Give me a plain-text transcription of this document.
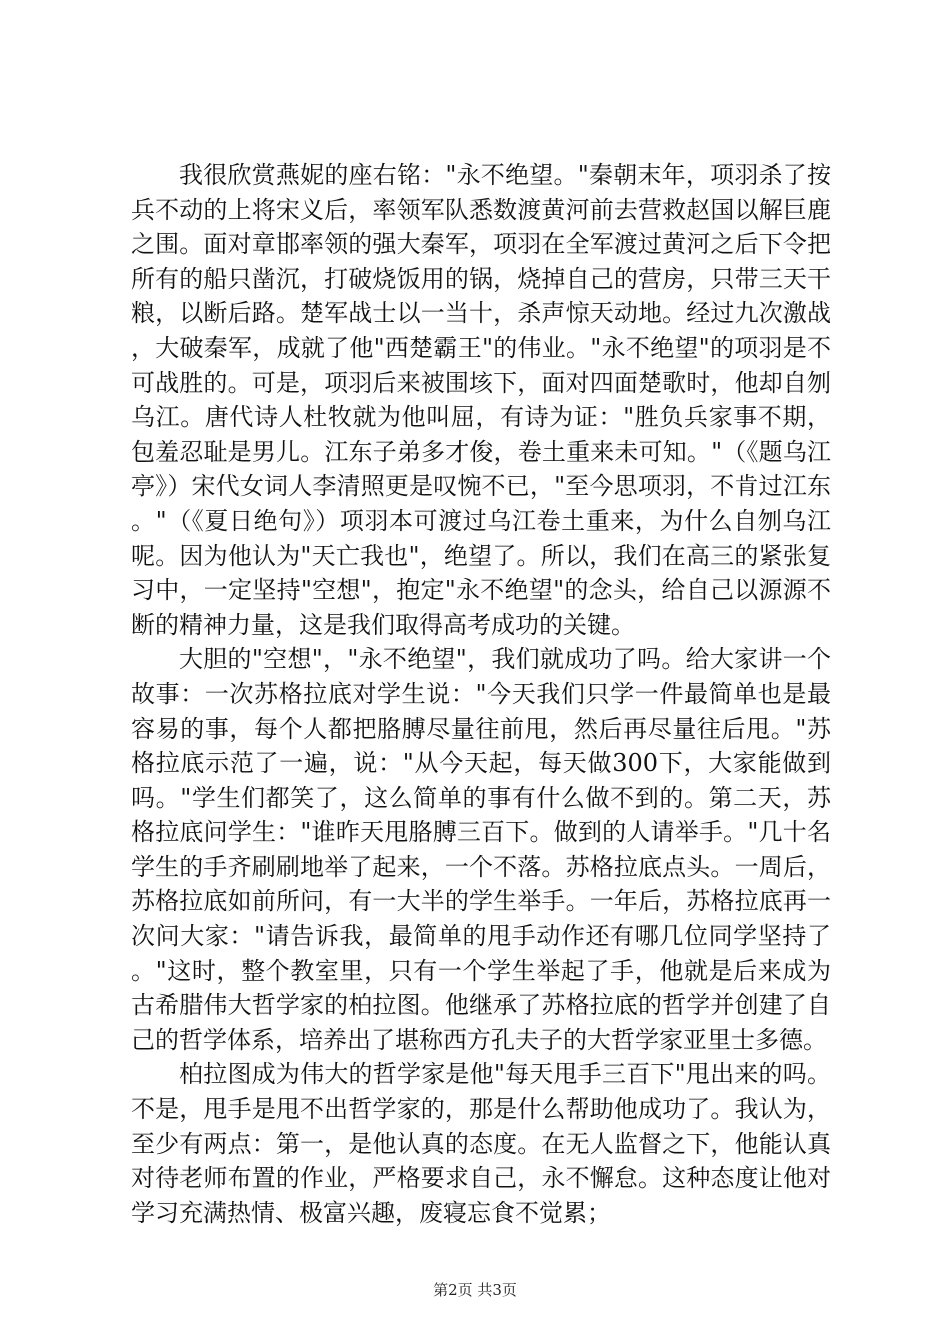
我很欣赏燕妮的座右铭："永不绝望。"秦朝末年，项羽杀了按兵不动的上将宋义后，率领军队悉数渡黄河前去营救赵国以解巨鹿之围。面对章邯率领的强大秦军，项羽在全军渡过黄河之后下令把所有的船只凿沉，打破烧饭用的锅，烧掉自己的营房，只带三天干粮，以断后路。楚军战士以一当十，杀声惊天动地。经过九次激战，大破秦军，成就了他"西楚霸王"的伟业。"永不绝望"的项羽是不可战胜的。可是，项羽后来被围垓下，面对四面楚歌时，他却自刎乌江。唐代诗人杜牧就为他叫屈，有诗为证："胜负兵家事不期，包羞忍耻是男儿。江东子弟多才俊，卷土重来未可知。"（《题乌江亭》）宋代女词人李清照更是叹惋不已，"至今思项羽，不肯过江东。"（《夏日绝句》）项羽本可渡过乌江卷土重来，为什么自刎乌江呢。因为他认为"天亡我也"，绝望了。所以，我们在高三的紧张复习中，一定坚持"空想"，抱定"永不绝望"的念头，给自己以源源不断的精神力量，这是我们取得高考成功的关键。

大胆的"空想"，"永不绝望"，我们就成功了吗。给大家讲一个故事：一次苏格拉底对学生说："今天我们只学一件最简单也是最容易的事，每个人都把胳膊尽量往前甩，然后再尽量往后甩。"苏格拉底示范了一遍，说："从今天起，每天做300下，大家能做到吗。"学生们都笑了，这么简单的事有什么做不到的。第二天，苏格拉底问学生："谁昨天甩胳膊三百下。做到的人请举手。"几十名学生的手齐刷刷地举了起来，一个不落。苏格拉底点头。一周后，苏格拉底如前所问，有一大半的学生举手。一年后，苏格拉底再一次问大家："请告诉我，最简单的甩手动作还有哪几位同学坚持了。"这时，整个教室里，只有一个学生举起了手，他就是后来成为古希腊伟大哲学家的柏拉图。他继承了苏格拉底的哲学并创建了自己的哲学体系，培养出了堪称西方孔夫子的大哲学家亚里士多德。

柏拉图成为伟大的哲学家是他"每天甩手三百下"甩出来的吗。不是，甩手是甩不出哲学家的，那是什么帮助他成功了。我认为，至少有两点：第一，是他认真的态度。在无人监督之下，他能认真对待老师布置的作业，严格要求自己，永不懈怠。这种态度让他对学习充满热情、极富兴趣，废寝忘食不觉累；

第2页 共3页
